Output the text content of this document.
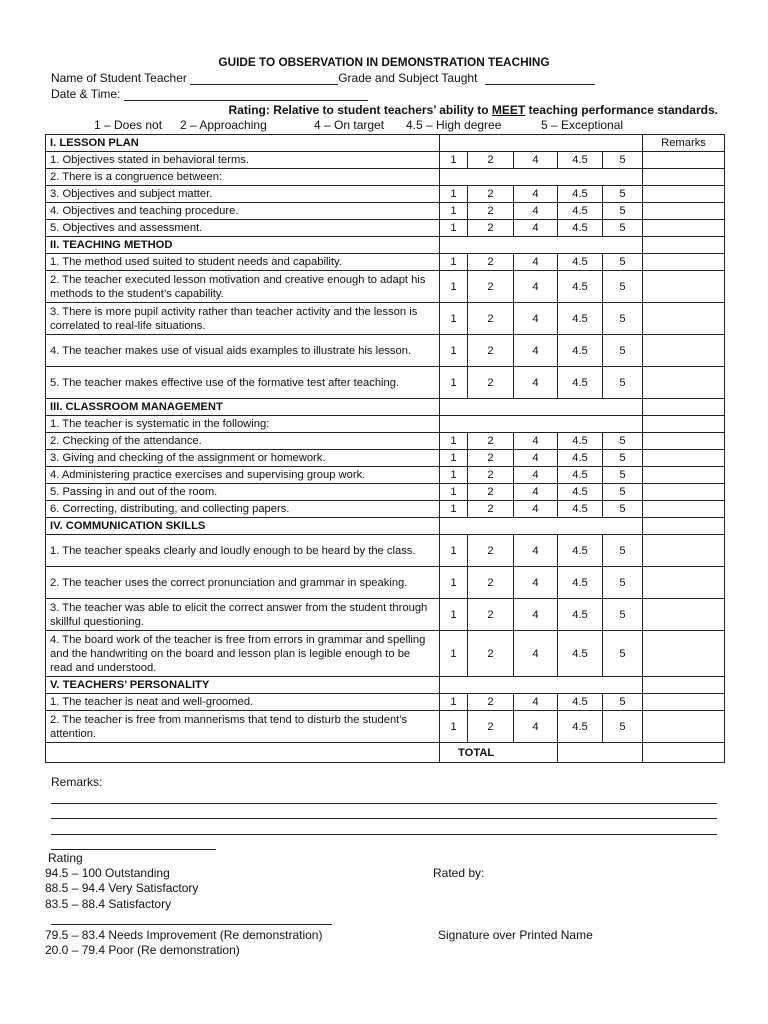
GUIDE TO OBSERVATION IN DEMONSTRATION TEACHING
Name of Student Teacher	Grade and Subject Taught
Date & Time:
Rating: Relative to student teachers’ ability to MEET teaching performance standards.
1 – Does not 2 – Approaching	4 – On target 4.5 – High degree	5 – Exceptional
I. LESSON PLAN						Remarks
1. Objectives stated in behavioral terms.	1	2	4	4.5	5	
2. There is a congruence between:						
3. Objectives and subject matter.	1	2	4	4.5	5	
4. Objectives and teaching procedure.	1	2	4	4.5	5	
5. Objectives and assessment.	1	2	4	4.5	5	
II. TEACHING METHOD						
1. The method used suited to student needs and capability.	1	2	4	4.5	5	
2. The teacher executed lesson motivation and creative enough to adapt his methods to the student’s capability.	1	2	4	4.5	5	
3. There is more pupil activity rather than teacher activity and the lesson is correlated to real-life situations.	1	2	4	4.5	5	
4. The teacher makes use of visual aids examples to illustrate his lesson.	1	2	4	4.5	5	
5. The teacher makes effective use of the formative test after teaching.	1	2	4	4.5	5	
III. CLASSROOM MANAGEMENT						
1. The teacher is systematic in the following:						
2. Checking of the attendance.	1	2	4	4.5	5	
3. Giving and checking of the assignment or homework.	1	2	4	4.5	5	
4. Administering practice exercises and supervising group work.	1	2	4	4.5	5	
5. Passing in and out of the room.	1	2	4	4.5	5	
6. Correcting, distributing, and collecting papers.	1	2	4	4.5	5	
IV. COMMUNICATION SKILLS						
1. The teacher speaks clearly and loudly enough to be heard by the class.	1	2	4	4.5	5	
2. The teacher uses the correct pronunciation and grammar in speaking.	1	2	4	4.5	5	
3. The teacher was able to elicit the correct answer from the student through skillful questioning.	1	2	4	4.5	5	
4. The board work of the teacher is free from errors in grammar and spelling and the handwriting on the board and lesson plan is legible enough to be read and understood.	1	2	4	4.5	5	
V. TEACHERS’ PERSONALITY						
1. The teacher is neat and well-groomed.	1	2	4	4.5	5	
2. The teacher is free from mannerisms that tend to disturb the student’s attention.	1	2	4	4.5	5	
	TOTAL					
Remarks:
Rating
94.5 – 100 Outstanding
88.5 – 94.4 Very Satisfactory
83.5 – 88.4 Satisfactory
79.5 – 83.4 Needs Improvement (Re demonstration)
20.0 – 79.4 Poor (Re demonstration)
Rated by:
Signature over Printed Name
